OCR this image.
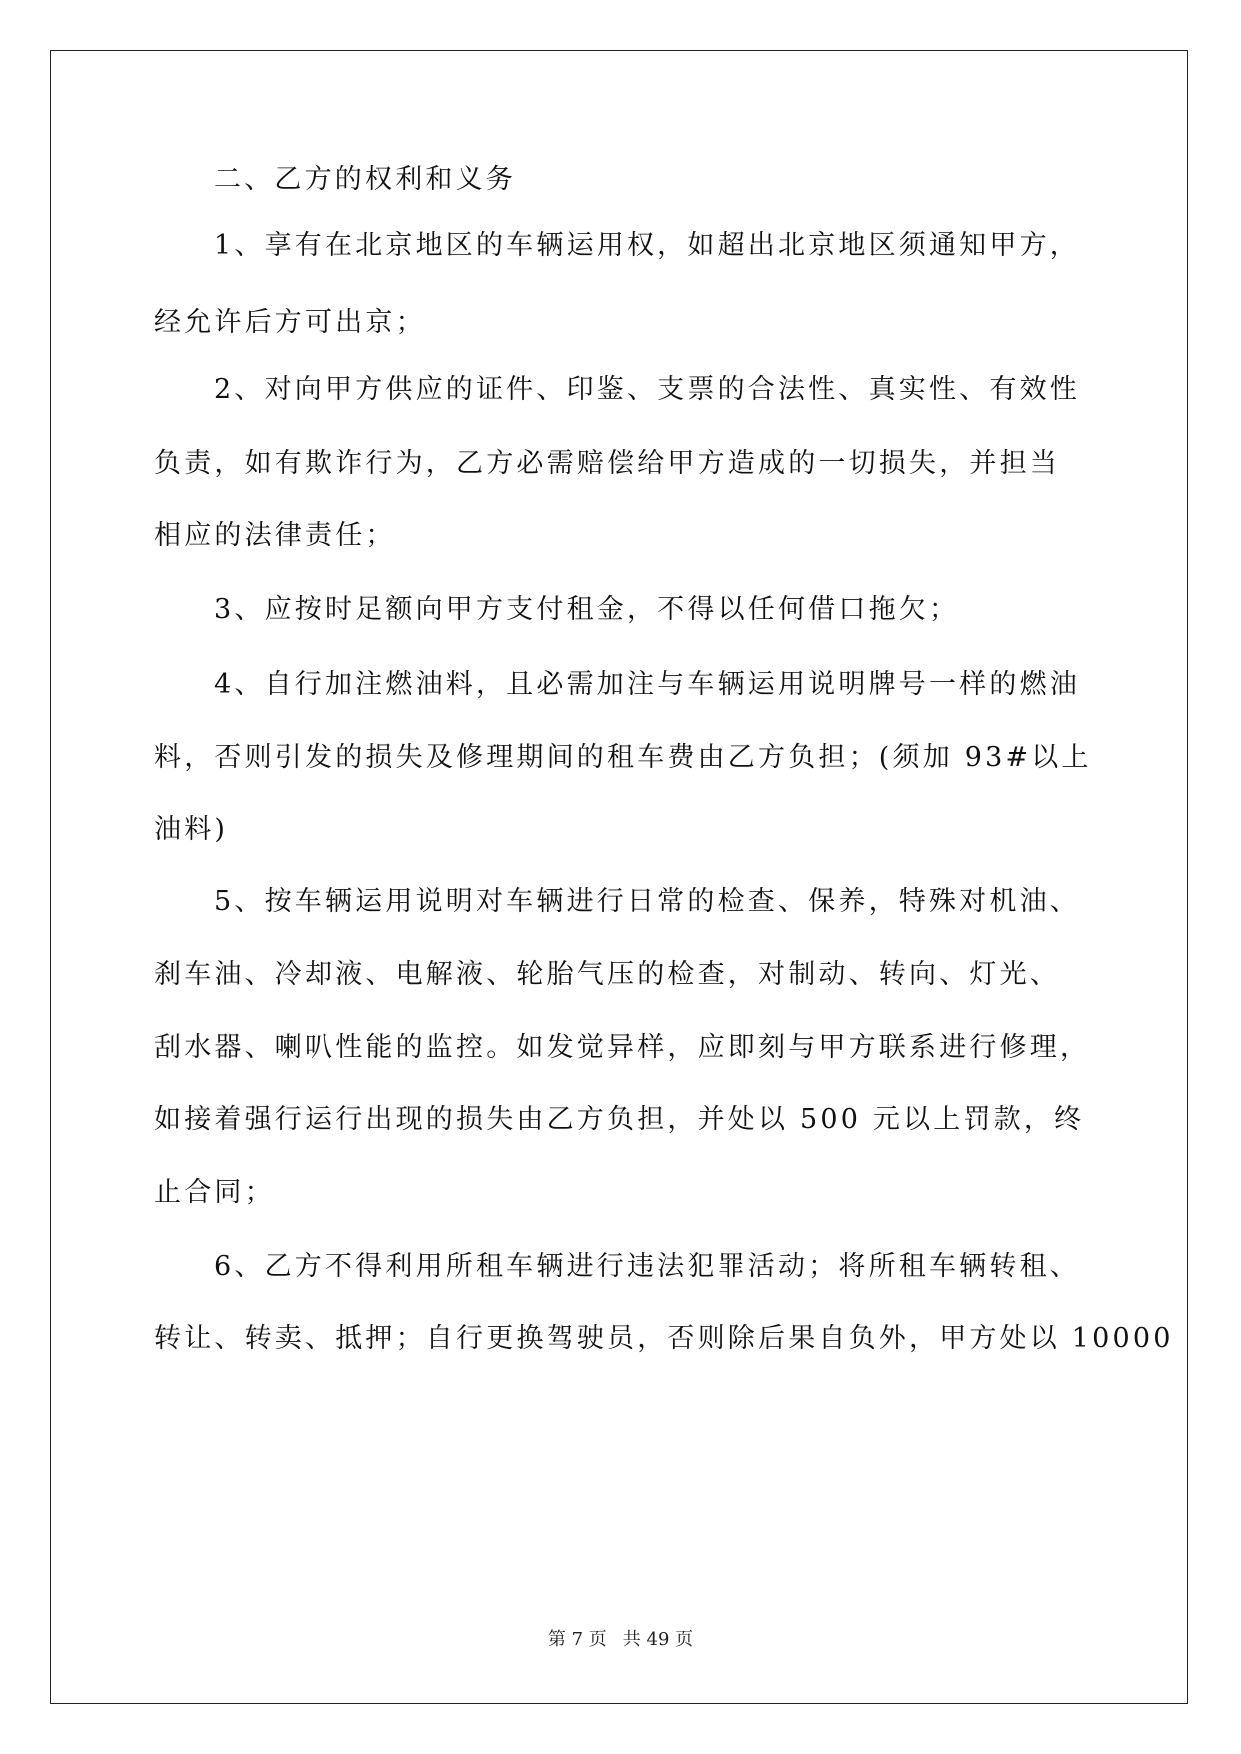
二、乙方的权利和义务
1、享有在北京地区的车辆运用权，如超出北京地区须通知甲方，
经允许后方可出京；
2、对向甲方供应的证件、印鉴、支票的合法性、真实性、有效性
负责，如有欺诈行为，乙方必需赔偿给甲方造成的一切损失，并担当
相应的法律责任；
3、应按时足额向甲方支付租金，不得以任何借口拖欠；
4、自行加注燃油料，且必需加注与车辆运用说明牌号一样的燃油
料，否则引发的损失及修理期间的租车费由乙方负担；(须加 93#以上
油料)
5、按车辆运用说明对车辆进行日常的检查、保养，特殊对机油、
刹车油、冷却液、电解液、轮胎气压的检查，对制动、转向、灯光、
刮水器、喇叭性能的监控。如发觉异样，应即刻与甲方联系进行修理，
如接着强行运行出现的损失由乙方负担，并处以 500 元以上罚款，终
止合同；
6、乙方不得利用所租车辆进行违法犯罪活动；将所租车辆转租、
转让、转卖、抵押；自行更换驾驶员，否则除后果自负外，甲方处以 10000
第 7 页 共 49 页
